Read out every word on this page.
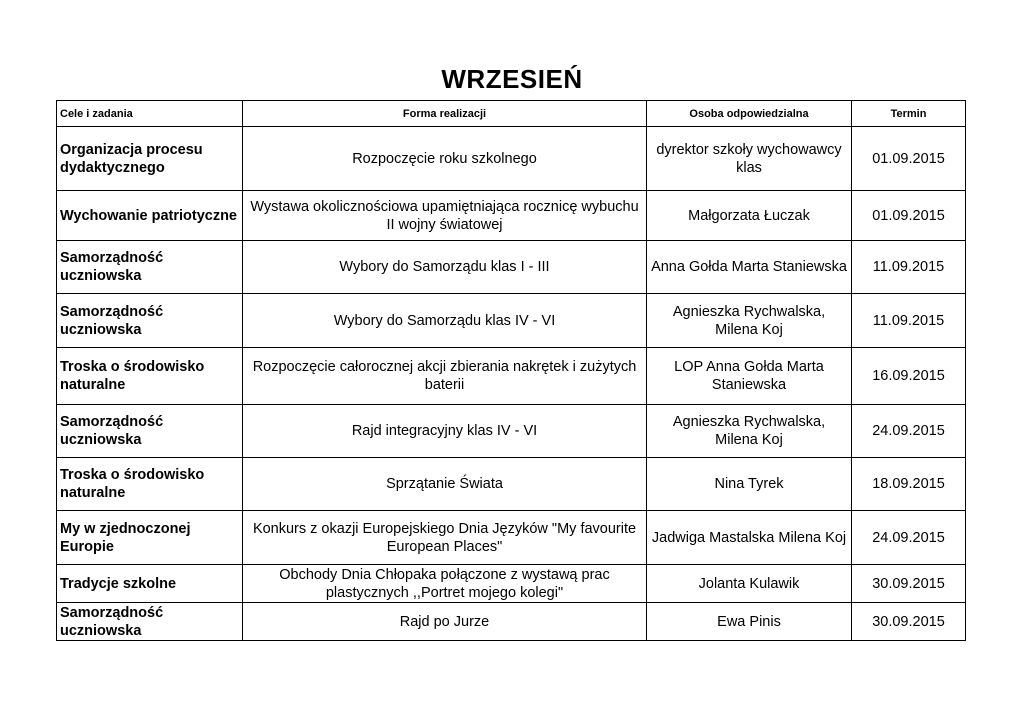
WRZESIEŃ
Cele i zadania	Forma realizacji	Osoba odpowiedzialna	Termin
Organizacja procesu dydaktycznego	Rozpoczęcie roku szkolnego	dyrektor szkoły wychowawcy klas	01.09.2015
Wychowanie patriotyczne	Wystawa okolicznościowa upamiętniająca rocznicę wybuchu II wojny światowej	Małgorzata Łuczak	01.09.2015
Samorządność uczniowska	Wybory do Samorządu klas I - III	Anna Gołda Marta Staniewska	11.09.2015
Samorządność uczniowska	Wybory do Samorządu klas IV - VI	Agnieszka Rychwalska, Milena Koj	11.09.2015
Troska o środowisko naturalne	Rozpoczęcie całorocznej akcji zbierania nakrętek i zużytych baterii	LOP Anna Gołda Marta Staniewska	16.09.2015
Samorządność uczniowska	Rajd integracyjny klas IV - VI	Agnieszka Rychwalska, Milena Koj	24.09.2015
Troska o środowisko naturalne	Sprzątanie Świata	Nina Tyrek	18.09.2015
My w zjednoczonej Europie	Konkurs z okazji Europejskiego Dnia Języków "My favourite European Places"	Jadwiga Mastalska Milena Koj	24.09.2015
Tradycje szkolne	Obchody Dnia Chłopaka połączone z wystawą prac plastycznych ,,Portret mojego kolegi"	Jolanta Kulawik	30.09.2015
Samorządność uczniowska	Rajd po Jurze	Ewa Pinis	30.09.2015
